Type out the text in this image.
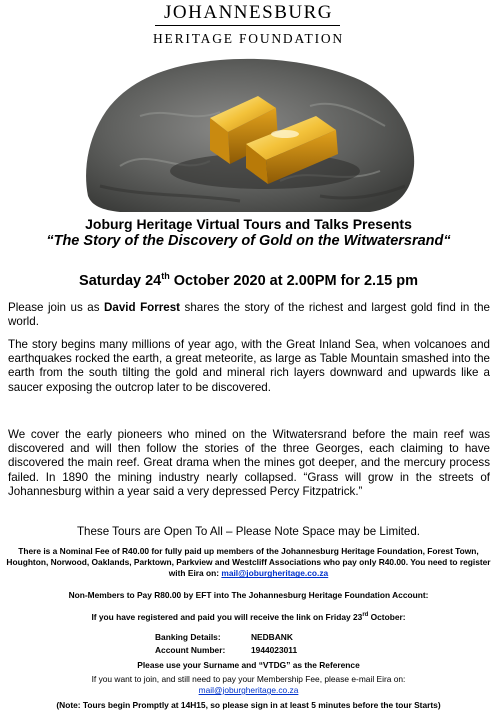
JOHANNESBURG
HERITAGE FOUNDATION
Joburg Heritage Virtual Tours and Talks Presents
“The Story of the Discovery of Gold on the Witwatersrand“
Saturday 24th October 2020 at 2.00PM for 2.15 pm

Please join us as David Forrest shares the story of the richest and largest gold find in the world.

The story begins many millions of year ago, with the Great Inland Sea, when volcanoes and earthquakes rocked the earth, a great meteorite, as large as Table Mountain smashed into the earth from the south tilting the gold and mineral rich layers downward and upwards like a saucer exposing the outcrop later to be discovered.

We cover the early pioneers who mined on the Witwatersrand before the main reef was discovered and will then follow the stories of the three Georges, each claiming to have discovered the main reef. Great drama when the mines got deeper, and the mercury process failed. In 1890 the mining industry nearly collapsed. “Grass will grow in the streets of Johannesburg within a year said a very depressed Percy Fitzpatrick.”

These Tours are Open To All – Please Note Space may be Limited.
There is a Nominal Fee of R40.00 for fully paid up members of the Johannesburg Heritage Foundation, Forest Town, Houghton, Norwood, Oaklands, Parktown, Parkview and Westcliff Associations who pay only R40.00. You need to register with Eira on: mail@joburgheritage.co.za
Non-Members to Pay R80.00 by EFT into The Johannesburg Heritage Foundation Account:
If you have registered and paid you will receive the link on Friday 23rd October:
Banking Details:	NEDBANK
Account Number:	1944023011
Please use your Surname and “VTDG” as the Reference
If you want to join, and still need to pay your Membership Fee, please e-mail Eira on:
mail@joburgheritage.co.za
(Note: Tours begin Promptly at 14H15, so please sign in at least 5 minutes before the tour Starts)
